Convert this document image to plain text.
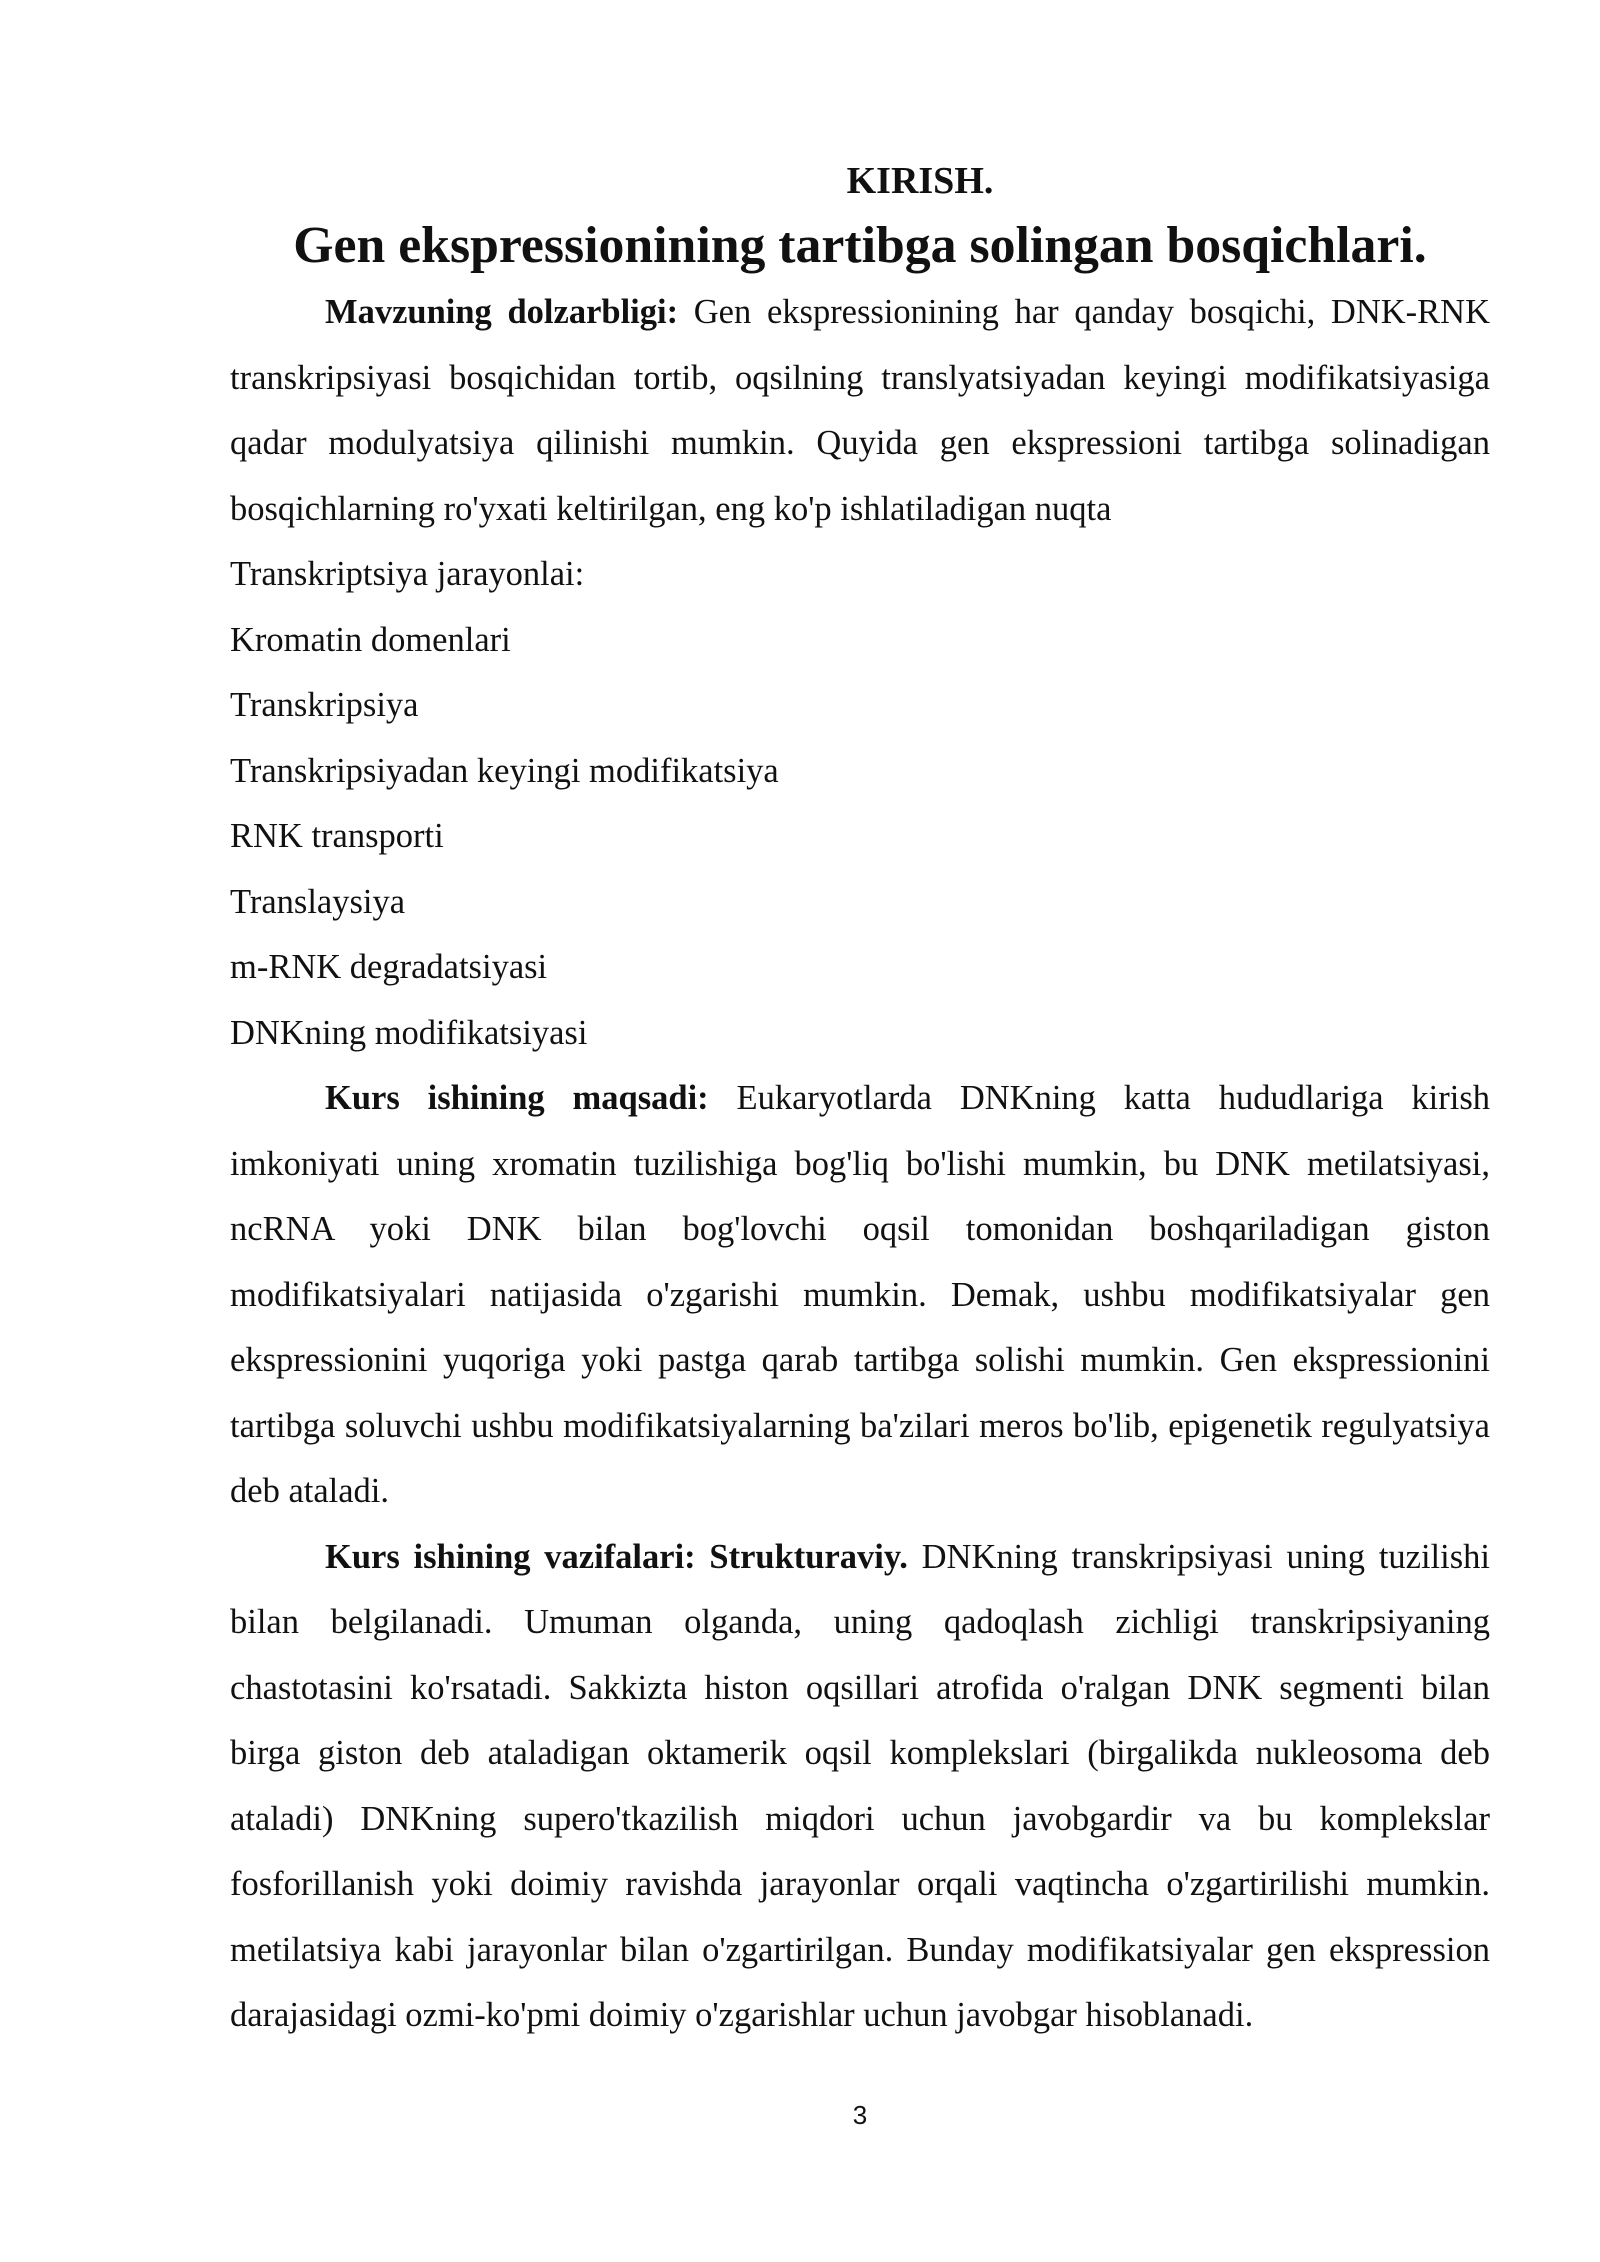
KIRISH.
Gen ekspressionining tartibga solingan bosqichlari.

Mavzuning dolzarbligi: Gen ekspressionining har qanday bosqichi, DNK-RNK transkripsiyasi bosqichidan tortib, oqsilning translyatsiyadan keyingi modifikatsiyasiga qadar modulyatsiya qilinishi mumkin. Quyida gen ekspressioni tartibga solinadigan bosqichlarning ro'yxati keltirilgan, eng ko'p ishlatiladigan nuqta

Transkriptsiya jarayonlai:

Kromatin domenlari
Transkripsiya
Transkripsiyadan keyingi modifikatsiya
RNK transporti
Translaysiya
m-RNK degradatsiyasi
DNKning modifikatsiyasi

Kurs ishining maqsadi: Eukaryotlarda DNKning katta hududlariga kirish imkoniyati uning xromatin tuzilishiga bog'liq bo'lishi mumkin, bu DNK metilatsiyasi, ncRNA yoki DNK bilan bog'lovchi oqsil tomonidan boshqariladigan giston modifikatsiyalari natijasida o'zgarishi mumkin. Demak, ushbu modifikatsiyalar gen ekspressionini yuqoriga yoki pastga qarab tartibga solishi mumkin. Gen ekspressionini tartibga soluvchi ushbu modifikatsiyalarning ba'zilari meros bo'lib, epigenetik regulyatsiya deb ataladi.

Kurs ishining vazifalari: Strukturaviy. DNKning transkripsiyasi uning tuzilishi bilan belgilanadi. Umuman olganda, uning qadoqlash zichligi transkripsiyaning chastotasini ko'rsatadi. Sakkizta histon oqsillari atrofida o'ralgan DNK segmenti bilan birga giston deb ataladigan oktamerik oqsil komplekslari (birgalikda nukleosoma deb ataladi) DNKning supero'tkazilish miqdori uchun javobgardir va bu komplekslar fosforillanish yoki doimiy ravishda jarayonlar orqali vaqtincha o'zgartirilishi mumkin. metilatsiya kabi jarayonlar bilan o'zgartirilgan. Bunday modifikatsiyalar gen ekspression darajasidagi ozmi-ko'pmi doimiy o'zgarishlar uchun javobgar hisoblanadi.

3
